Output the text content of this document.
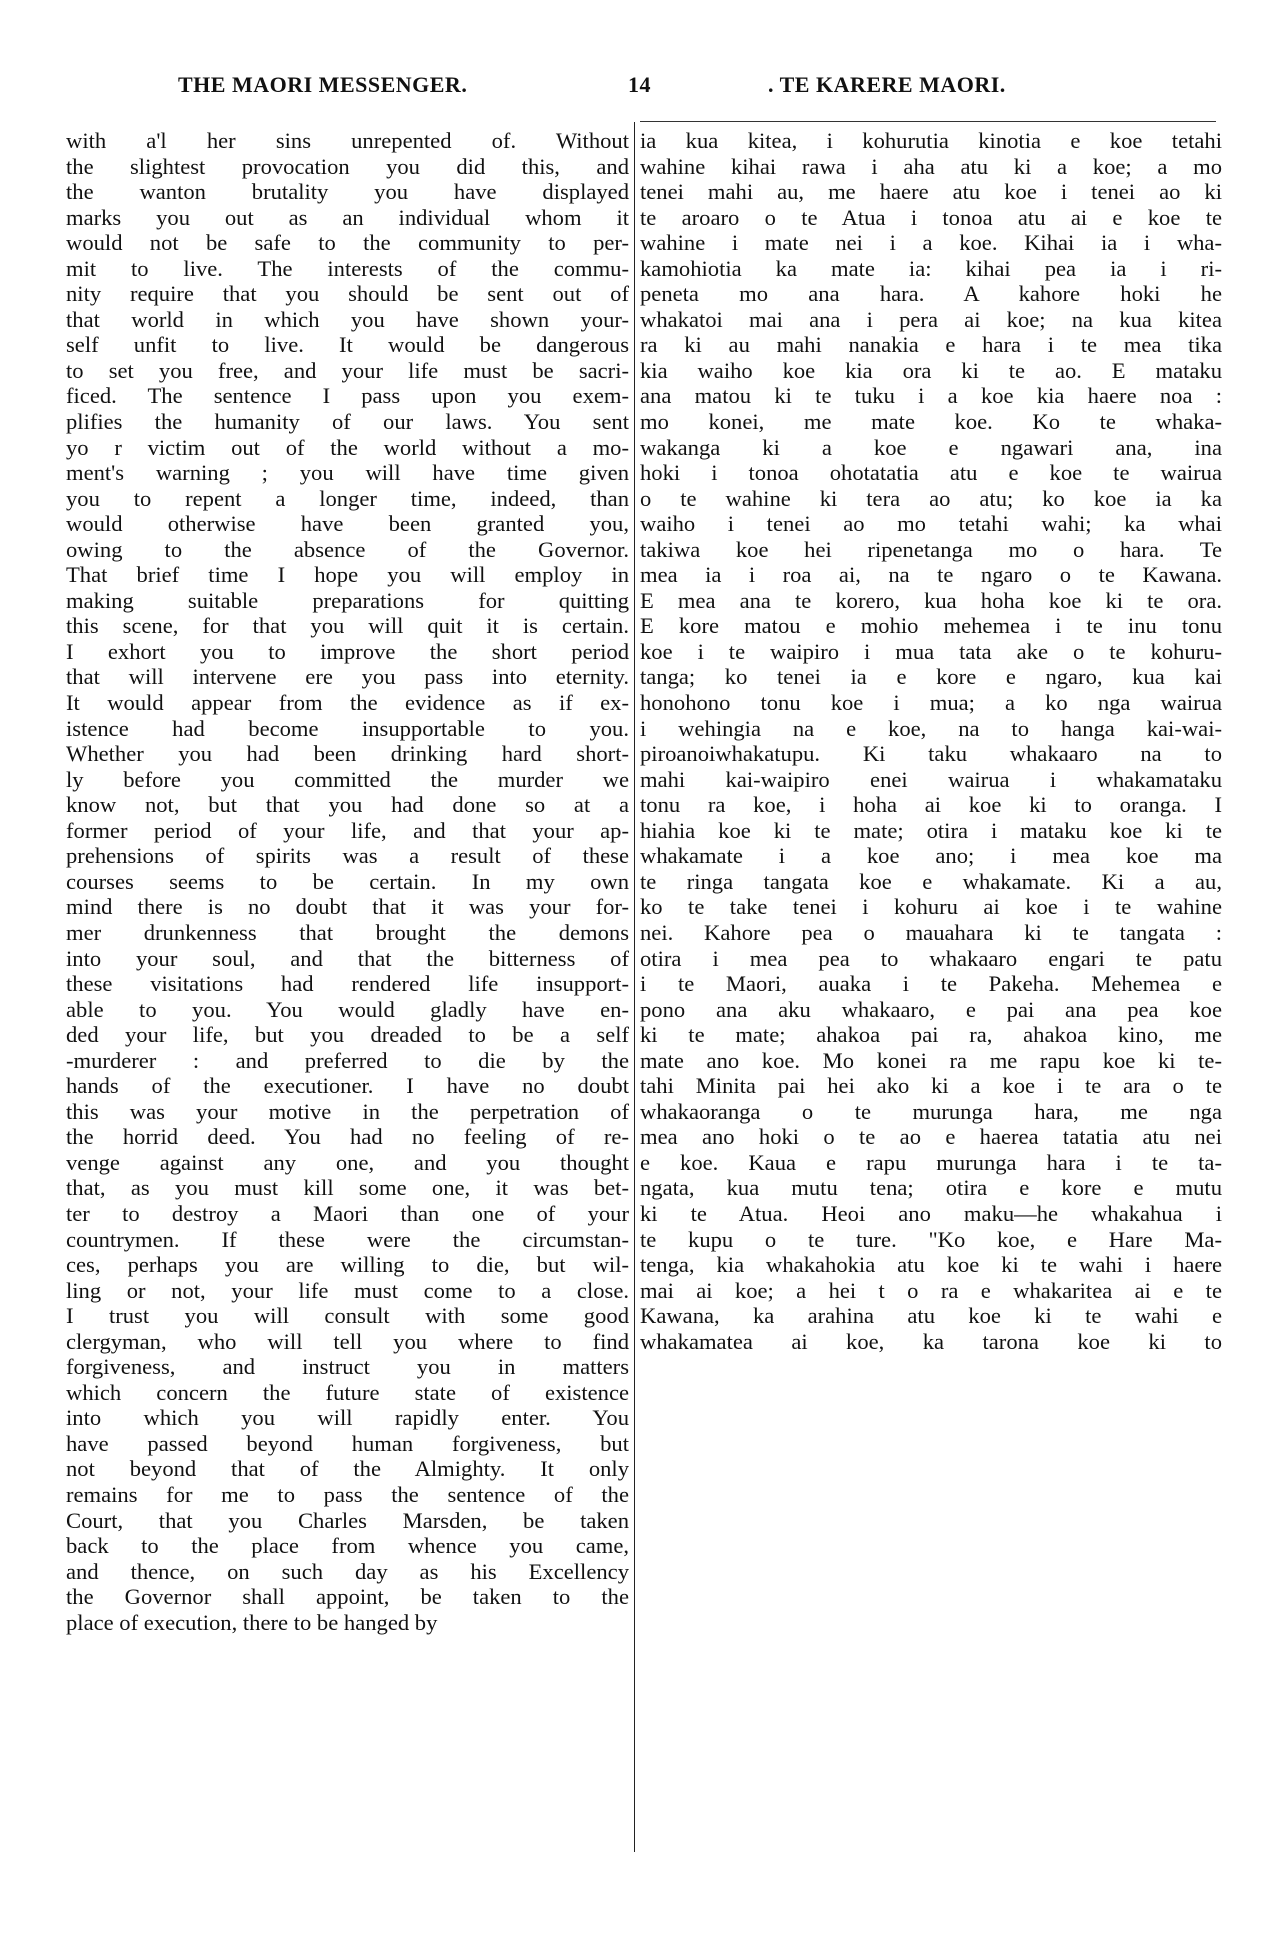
THE MAORI MESSENGER.	14	. TE KARERE MAORI.

with a'l her sins unrepented of. Without

the slightest provocation you did this, and

the wanton brutality you have displayed

marks you out as an individual whom it

would not be safe to the community to per-

mit to live. The interests of the commu-

nity require that you should be sent out of

that world in which you have shown your-

self unfit to live. It would be dangerous

to set you free, and your life must be sacri-

ficed. The sentence I pass upon you exem-

plifies the humanity of our laws. You sent

yo r victim out of the world without a mo-

ment's warning ; you will have time given

you to repent a longer time, indeed, than

would otherwise have been granted you,

owing to the absence of the Governor.

That brief time I hope you will employ in

making suitable preparations for quitting

this scene, for that you will quit it is certain.

I exhort you to improve the short period

that will intervene ere you pass into eternity.

It would appear from the evidence as if ex-

istence had become insupportable to you.

Whether you had been drinking hard short-

ly before you committed the murder we

know not, but that you had done so at a

former period of your life, and that your ap-

prehensions of spirits was a result of these

courses seems to be certain. In my own

mind there is no doubt that it was your for-

mer drunkenness that brought the demons

into your soul, and that the bitterness of

these visitations had rendered life insupport-

able to you. You would gladly have en-

ded your life, but you dreaded to be a self

-murderer : and preferred to die by the

hands of the executioner. I have no doubt

this was your motive in the perpetration of

the horrid deed. You had no feeling of re-

venge against any one, and you thought

that, as you must kill some one, it was bet-

ter to destroy a Maori than one of your

countrymen. If these were the circumstan-

ces, perhaps you are willing to die, but wil-

ling or not, your life must come to a close.

I trust you will consult with some good

clergyman, who will tell you where to find

forgiveness, and instruct you in matters

which concern the future state of existence

into which you will rapidly enter. You

have passed beyond human forgiveness, but

not beyond that of the Almighty. It only

remains for me to pass the sentence of the

Court, that you Charles Marsden, be taken

back to the place from whence you came,

and thence, on such day as his Excellency

the Governor shall appoint, be taken to the

place of execution, there to be hanged by

ia kua kitea, i kohurutia kinotia e koe tetahi

wahine kihai rawa i aha atu ki a koe; a mo

tenei mahi au, me haere atu koe i tenei ao ki

te aroaro o te Atua i tonoa atu ai e koe te

wahine i mate nei i a koe. Kihai ia i wha-

kamohiotia ka mate ia: kihai pea ia i ri-

peneta mo ana hara. A kahore hoki he

whakatoi mai ana i pera ai koe; na kua kitea

ra ki au mahi nanakia e hara i te mea tika

kia waiho koe kia ora ki te ao. E mataku

ana matou ki te tuku i a koe kia haere noa :

mo konei, me mate koe. Ko te whaka-

wakanga ki a koe e ngawari ana, ina

hoki i tonoa ohotatatia atu e koe te wairua

o te wahine ki tera ao atu; ko koe ia ka

waiho i tenei ao mo tetahi wahi; ka whai

takiwa koe hei ripenetanga mo o hara. Te

mea ia i roa ai, na te ngaro o te Kawana.

E mea ana te korero, kua hoha koe ki te ora.

E kore matou e mohio mehemea i te inu tonu

koe i te waipiro i mua tata ake o te kohuru-

tanga; ko tenei ia e kore e ngaro, kua kai

honohono tonu koe i mua; a ko nga wairua

i wehingia na e koe, na to hanga kai-wai-

piroanoiwhakatupu. Ki taku whakaaro na to

mahi kai-waipiro enei wairua i whakamataku

tonu ra koe, i hoha ai koe ki to oranga. I

hiahia koe ki te mate; otira i mataku koe ki te

whakamate i a koe ano; i mea koe ma

te ringa tangata koe e whakamate. Ki a au,

ko te take tenei i kohuru ai koe i te wahine

nei. Kahore pea o mauahara ki te tangata :

otira i mea pea to whakaaro engari te patu

i te Maori, auaka i te Pakeha. Mehemea e

pono ana aku whakaaro, e pai ana pea koe

ki te mate; ahakoa pai ra, ahakoa kino, me

mate ano koe. Mo konei ra me rapu koe ki te-

tahi Minita pai hei ako ki a koe i te ara o te

whakaoranga o te murunga hara, me nga

mea ano hoki o te ao e haerea tatatia atu nei

e koe. Kaua e rapu murunga hara i te ta-

ngata, kua mutu tena; otira e kore e mutu

ki te Atua. Heoi ano maku—he whakahua i

te kupu o te ture. "Ko koe, e Hare Ma-

tenga, kia whakahokia atu koe ki te wahi i haere

mai ai koe; a hei t o ra e whakaritea ai e te

Kawana, ka arahina atu koe ki te wahi e

whakamatea ai koe, ka tarona koe ki to
